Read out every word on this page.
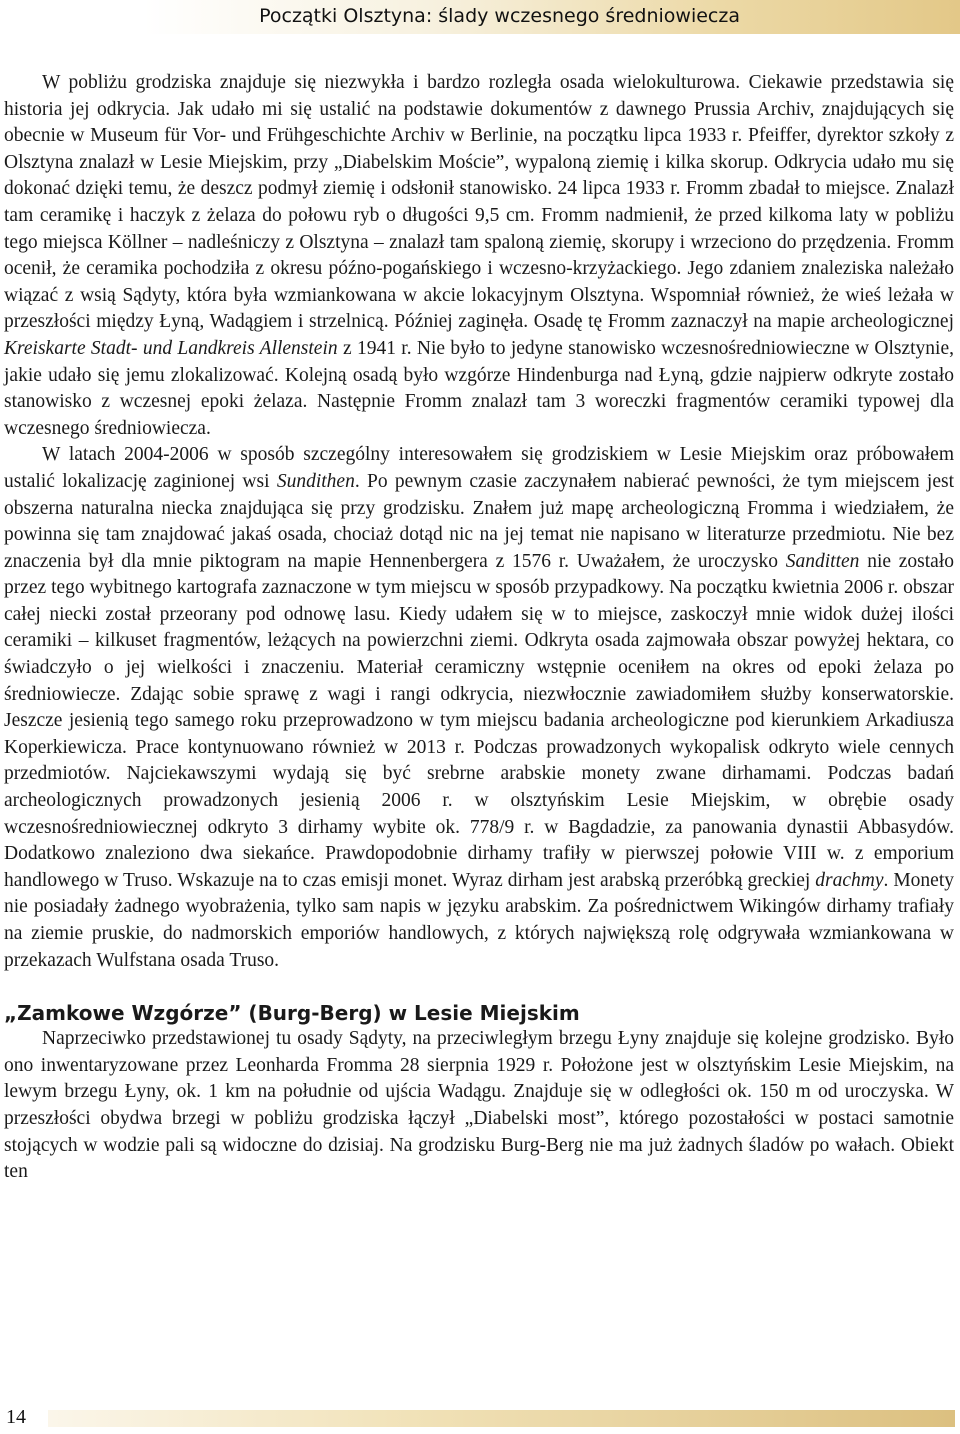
Początki Olsztyna: ślady wczesnego średniowiecza

W pobliżu grodziska znajduje się niezwykła i bardzo rozległa osada wielokulturowa. Ciekawie przedstawia się historia jej odkrycia. Jak udało mi się ustalić na podstawie dokumentów z dawnego Prussia Archiv, znajdujących się obecnie w Museum für Vor- und Frühgeschichte Archiv w Berlinie, na początku lipca 1933 r. Pfeiffer, dyrektor szkoły z Olsztyna znalazł w Lesie Miejskim, przy „Diabelskim Moście”, wypaloną ziemię i kilka skorup. Odkrycia udało mu się dokonać dzięki temu, że deszcz podmył ziemię i odsłonił stanowisko. 24 lipca 1933 r. Fromm zbadał to miejsce. Znalazł tam ceramikę i haczyk z żelaza do połowu ryb o długości 9,5 cm. Fromm nadmienił, że przed kilkoma laty w pobliżu tego miejsca Köllner – nadleśniczy z Olsztyna – znalazł tam spaloną ziemię, skorupy i wrzeciono do przędzenia. Fromm ocenił, że ceramika pochodziła z okresu późno-pogańskiego i wczesno-krzyżackiego. Jego zdaniem znaleziska należało wiązać z wsią Sądyty, która była wzmiankowana w akcie lokacyjnym Olsztyna. Wspomniał również, że wieś leżała w przeszłości między Łyną, Wadągiem i strzelnicą. Później zaginęła. Osadę tę Fromm zaznaczył na mapie archeologicznej Kreiskarte Stadt- und Landkreis Allenstein z 1941 r. Nie było to jedyne stanowisko wczesnośredniowieczne w Olsztynie, jakie udało się jemu zlokalizować. Kolejną osadą było wzgórze Hindenburga nad Łyną, gdzie najpierw odkryte zostało stanowisko z wczesnej epoki żelaza. Następnie Fromm znalazł tam 3 woreczki fragmentów ceramiki typowej dla wczesnego średniowiecza.

W latach 2004-2006 w sposób szczególny interesowałem się grodziskiem w Lesie Miejskim oraz próbowałem ustalić lokalizację zaginionej wsi Sundithen. Po pewnym czasie zaczynałem nabierać pewności, że tym miejscem jest obszerna naturalna niecka znajdująca się przy grodzisku. Znałem już mapę archeologiczną Fromma i wiedziałem, że powinna się tam znajdować jakaś osada, chociaż dotąd nic na jej temat nie napisano w literaturze przedmiotu. Nie bez znaczenia był dla mnie piktogram na mapie Hennenbergera z 1576 r. Uważałem, że uroczysko Sanditten nie zostało przez tego wybitnego kartografa zaznaczone w tym miejscu w sposób przypadkowy. Na początku kwietnia 2006 r. obszar całej niecki został przeorany pod odnowę lasu. Kiedy udałem się w to miejsce, zaskoczył mnie widok dużej ilości ceramiki – kilkuset fragmentów, leżących na powierzchni ziemi. Odkryta osada zajmowała obszar powyżej hektara, co świadczyło o jej wielkości i znaczeniu. Materiał ceramiczny wstępnie oceniłem na okres od epoki żelaza po średniowiecze. Zdając sobie sprawę z wagi i rangi odkrycia, niezwłocznie zawiadomiłem służby konserwatorskie. Jeszcze jesienią tego samego roku przeprowadzono w tym miejscu badania archeologiczne pod kierunkiem Arkadiusza Koperkiewicza. Prace kontynuowano również w 2013 r. Podczas prowadzonych wykopalisk odkryto wiele cennych przedmiotów. Najciekawszymi wydają się być srebrne arabskie monety zwane dirhamami. Podczas badań archeologicznych prowadzonych jesienią 2006 r. w olsztyńskim Lesie Miejskim, w obrębie osady wczesnośredniowiecznej odkryto 3 dirhamy wybite ok. 778/9 r. w Bagdadzie, za panowania dynastii Abbasydów. Dodatkowo znaleziono dwa siekańce. Prawdopodobnie dirhamy trafiły w pierwszej połowie VIII w. z emporium handlowego w Truso. Wskazuje na to czas emisji monet. Wyraz dirham jest arabską przeróbką greckiej drachmy. Monety nie posiadały żadnego wyobrażenia, tylko sam napis w języku arabskim. Za pośrednictwem Wikingów dirhamy trafiały na ziemie pruskie, do nadmorskich emporiów handlowych, z których największą rolę odgrywała wzmiankowana w przekazach Wulfstana osada Truso.

„Zamkowe Wzgórze” (Burg-Berg) w Lesie Miejskim

Naprzeciwko przedstawionej tu osady Sądyty, na przeciwległym brzegu Łyny znajduje się kolejne grodzisko. Było ono inwentaryzowane przez Leonharda Fromma 28 sierpnia 1929 r. Położone jest w olsztyńskim Lesie Miejskim, na lewym brzegu Łyny, ok. 1 km na południe od ujścia Wadągu. Znajduje się w odległości ok. 150 m od uroczyska. W przeszłości obydwa brzegi w pobliżu grodziska łączył „Diabelski most”, którego pozostałości w postaci samotnie stojących w wodzie pali są widoczne do dzisiaj. Na grodzisku Burg-Berg nie ma już żadnych śladów po wałach. Obiekt ten

14
